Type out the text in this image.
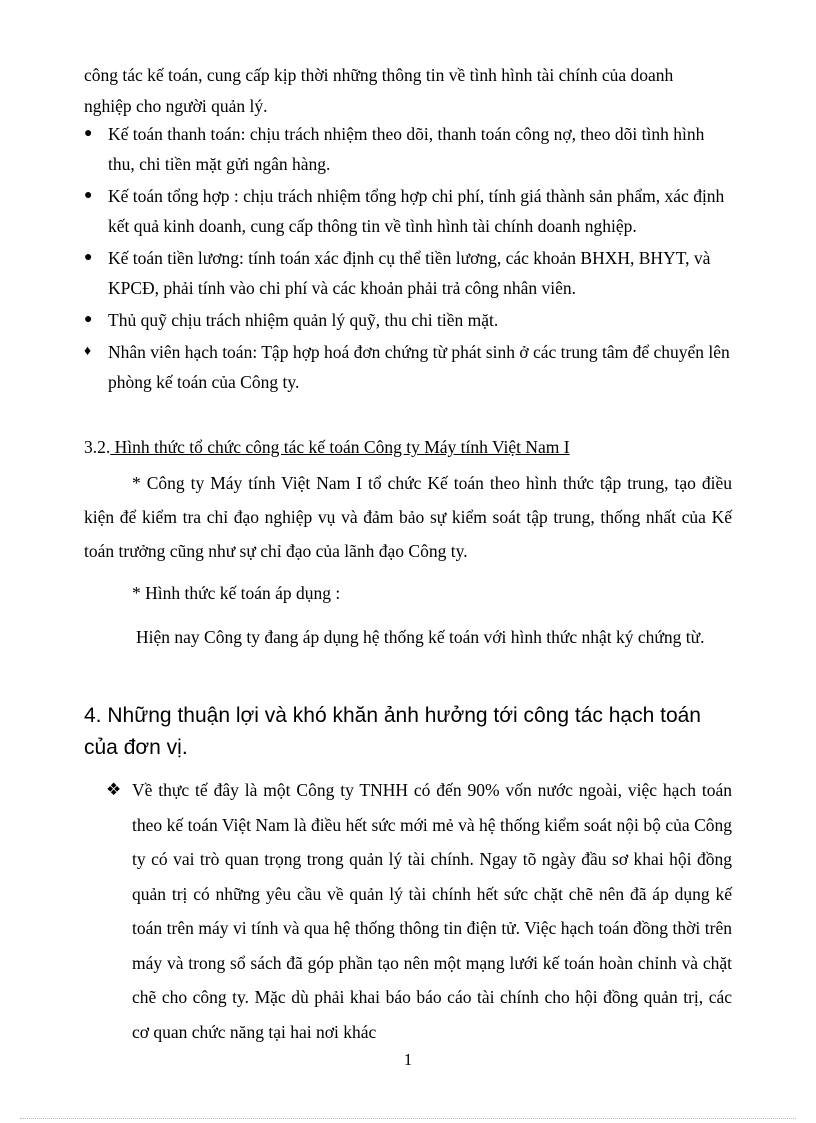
công tác kế toán, cung cấp kịp thời những thông tin về tình hình tài chính của doanh

nghiệp cho người quản lý.

● Kế toán thanh toán: chịu trách nhiệm theo dõi, thanh toán công nợ, theo dõi tình hình thu, chi tiền mặt gửi ngân hàng.
● Kế toán tổng hợp : chịu trách nhiệm tổng hợp chi phí, tính giá thành sản phẩm, xác định kết quả kinh doanh, cung cấp thông tin về tình hình tài chính doanh nghiệp.
● Kế toán tiền lương: tính toán xác định cụ thể tiền lương, các khoản BHXH, BHYT, và KPCĐ, phải tính vào chi phí và các khoản phải trả công nhân viên.
● Thủ quỹ chịu trách nhiệm quản lý quỹ, thu chi tiền mặt.
♦ Nhân viên hạch toán: Tập hợp hoá đơn chứng từ phát sinh ở các trung tâm để chuyển lên phòng kế toán của Công ty.

3.2. Hình thức tổ chức công tác kế toán Công ty Máy tính Việt Nam I

* Công ty Máy tính Việt Nam I tổ chức Kế toán theo hình thức tập trung, tạo điều kiện để kiểm tra chỉ đạo nghiệp vụ và đảm bảo sự kiểm soát tập trung, thống nhất của Kế toán trưởng cũng như sự chỉ đạo của lãnh đạo Công ty.

* Hình thức kế toán áp dụng :

Hiện nay Công ty đang áp dụng hệ thống kế toán với hình thức nhật ký chứng từ.

4. Những thuận lợi và khó khăn ảnh hưởng tới công tác hạch toán của đơn vị.
❖ Về thực tế đây là một Công ty TNHH có đến 90% vốn nước ngoài, việc hạch toán theo kế toán Việt Nam là điều hết sức mới mẻ và hệ thống kiểm soát nội bộ của Công ty có vai trò quan trọng trong quản lý tài chính. Ngay tõ ngày đầu sơ khai hội đồng quản trị có những yêu cầu về quản lý tài chính hết sức chặt chẽ nên đã áp dụng kế toán trên máy vi tính và qua hệ thống thông tin điện tử. Việc hạch toán đồng thời trên máy và trong sổ sách đã góp phần tạo nên một mạng lưới kế toán hoàn chỉnh và chặt chẽ cho công ty. Mặc dù phải khai báo báo cáo tài chính cho hội đồng quản trị, các cơ quan chức năng tại hai nơi khác

1
